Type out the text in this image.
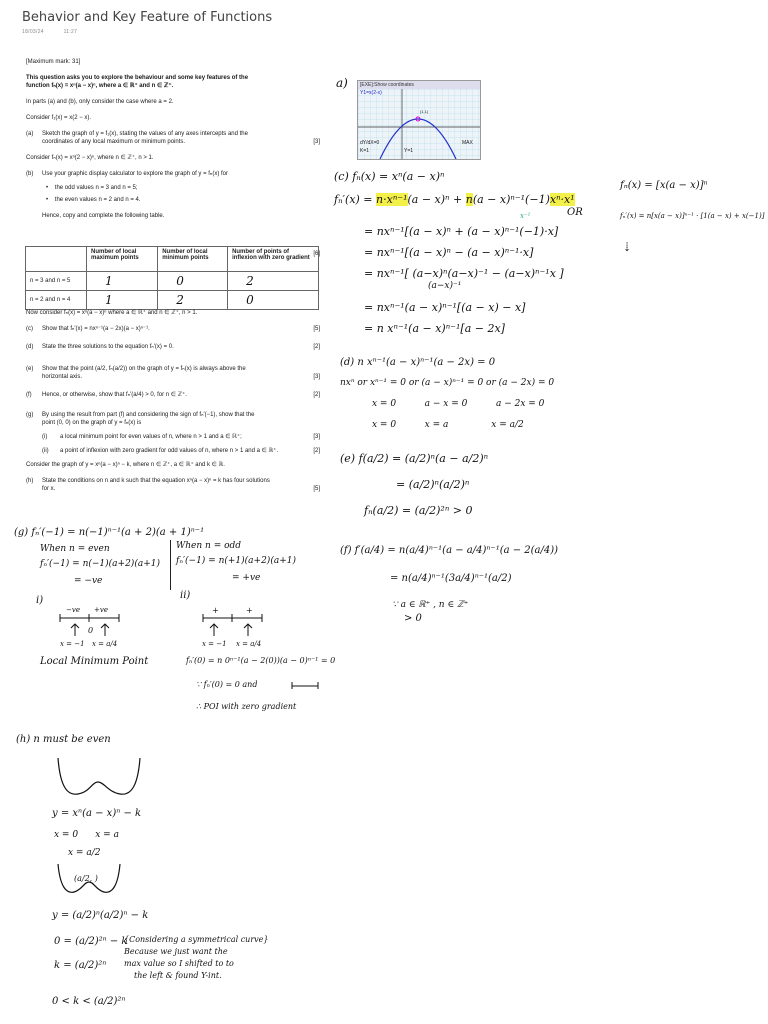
Behavior and Key Feature of Functions
18/03/24	11:27
[Maximum mark: 31]
This question asks you to explore the behaviour and some key features of the
function fₙ(x) = xⁿ(a − x)ⁿ, where a ∈ ℝ⁺ and n ∈ ℤ⁺.
In parts (a) and (b), only consider the case where a = 2.
Consider f₁(x) = x(2 − x).
(a) Sketch the graph of y = f₁(x), stating the values of any axes intercepts and the
coordinates of any local maximum or minimum points.	[3]
Consider fₙ(x) = xⁿ(2 − x)ⁿ, where n ∈ ℤ⁺, n > 1.
(b) Use your graphic display calculator to explore the graph of y = fₙ(x) for
•    the odd values n = 3 and n = 5;
•    the even values n = 2 and n = 4.
Hence, copy and complete the following table.
[6]
	Number of local maximum points	Number of local minimum points	Number of points of inflexion with zero gradient
n = 3 and n = 5	1	0	2
n = 2 and n = 4	1	2	0
Now consider fₙ(x) = xⁿ(a − x)ⁿ where a ∈ ℝ⁺ and n ∈ ℤ⁺, n > 1.
(c) Show that fₙ′(x) = nxⁿ⁻¹(a − 2x)(a − x)ⁿ⁻¹.	[5]
(d) State the three solutions to the equation fₙ′(x) = 0.	[2]
(e) Show that the point (a/2, fₙ(a/2)) on the graph of y = fₙ(x) is always above the
horizontal axis.	[3]
(f) Hence, or otherwise, show that fₙ′(a/4) > 0, for n ∈ ℤ⁺.	[2]
(g) By using the result from part (f) and considering the sign of fₙ′(−1), show that the
point (0, 0) on the graph of y = fₙ(x) is
(i) a local minimum point for even values of n, where n > 1 and a ∈ ℝ⁺;	[3]
(ii) a point of inflexion with zero gradient for odd values of n, where n > 1 and a ∈ ℝ⁺.	[2]
Consider the graph of y = xⁿ(a − x)ⁿ − k, where n ∈ ℤ⁺, a ∈ ℝ⁺ and k ∈ ℝ.
(h) State the conditions on n and k such that the equation xⁿ(a − x)ⁿ = k has four solutions
for x.	[5]
a)	[EXE]:Show coordinates
Y1=x(2-x)
(1,1)
dY/dX=0
K=1	Y=1
MAX
(c) fₙ(x) = xⁿ(a − x)ⁿ
fₙ′(x) = n·xⁿ⁻¹(a − x)ⁿ + n(a − x)ⁿ⁻¹(−1)xⁿ·x¹
x⁻¹
= nxⁿ⁻¹[(a − x)ⁿ + (a − x)ⁿ⁻¹(−1)·x]
= nxⁿ⁻¹[(a − x)ⁿ − (a − x)ⁿ⁻¹·x]
= nxⁿ⁻¹[ (a−x)ⁿ(a−x)⁻¹ − (a−x)ⁿ⁻¹x ]
(a−x)⁻¹
= nxⁿ⁻¹(a − x)ⁿ⁻¹[(a − x) − x]
= n xⁿ⁻¹(a − x)ⁿ⁻¹[a − 2x]
OR
fₙ(x) = [x(a − x)]ⁿ
fₙ′(x) = n[x(a − x)]ⁿ⁻¹ · [1(a − x) + x(−1)]
⇣
(d) n xⁿ⁻¹(a − x)ⁿ⁻¹(a − 2x) = 0
nxⁿ or xⁿ⁻¹ = 0 or (a − x)ⁿ⁻¹ = 0 or (a − 2x) = 0
x = 0          a − x = 0          a − 2x = 0
x = 0          x = a               x = a/2
(e) f(a/2) = (a/2)ⁿ(a − a/2)ⁿ
= (a/2)ⁿ(a/2)ⁿ
fₙ(a/2) = (a/2)²ⁿ > 0
(f) f′(a/4) = n(a/4)ⁿ⁻¹(a − a/4)ⁿ⁻¹(a − 2(a/4))
= n(a/4)ⁿ⁻¹(3a/4)ⁿ⁻¹(a/2)
∵ a ∈ ℝ⁺ , n ∈ ℤ⁺
> 0
(g) fₙ′(−1) = n(−1)ⁿ⁻¹(a + 2)(a + 1)ⁿ⁻¹
When n = even
fₙ′(−1) = n(−1)(a+2)(a+1)
= −ve
When n = odd
fₙ′(−1) = n(+1)(a+2)(a+1)
= +ve
i)	ii)
−ve +ve
0
x = −1 x = a/4
Local Minimum Point
+	+
x = −1 x = a/4
fₙ′(0) = n 0ⁿ⁻¹(a − 2(0))(a − 0)ⁿ⁻¹ = 0
∵ fₙ′(0) = 0 and
∴ POI with zero gradient
(h) n must be even
y = xⁿ(a − x)ⁿ − k
x = 0      x = a
x = a/2
(a/2, )
y = (a/2)ⁿ(a/2)ⁿ − k
0 = (a/2)²ⁿ − k
k = (a/2)²ⁿ
0 < k < (a/2)²ⁿ
{Considering a symmetrical curve}
Because we just want the
max value so I shifted to to
the left & found Y-int.
